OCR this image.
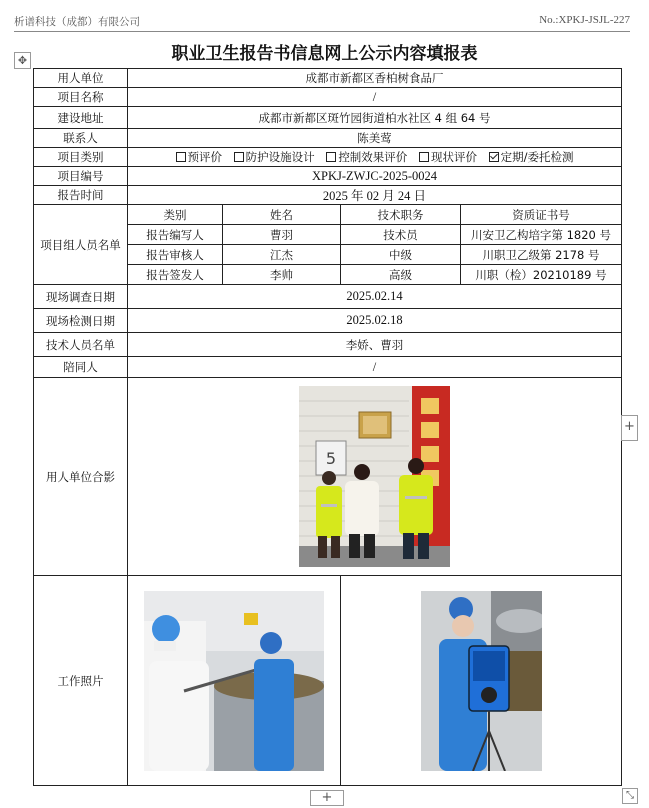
析谱科技（成都）有限公司	No.:XPKJ-JSJL-227
职业卫生报告书信息网上公示内容填报表
✥
用人单位	成都市新都区香柏树食品厂			
项目名称	/			
建设地址	成都市新都区斑竹园街道柏水社区 4 组 64 号			
联系人	陈美莺			
项目类别	预评价 防护设施设计 控制效果评价 现状评价 定期/委托检测			
项目编号	XPKJ-ZWJC-2025-0024			
报告时间	2025 年 02 月 24 日			
项目组人员名单	类别	姓名	技术职务	资质证书号
	报告编写人	曹羽	技术员	川安卫乙构培字第 1820 号
	报告审核人	江杰	中级	川职卫乙级第 2178 号
	报告签发人	李帅	高级	川职（检）20210189 号
现场调查日期	2025.02.14			
现场检测日期	2025.02.18			
技术人员名单	李娇、曹羽			
陪同人	/			
用人单位合影	5			

工作照片	

+
+	⤡
